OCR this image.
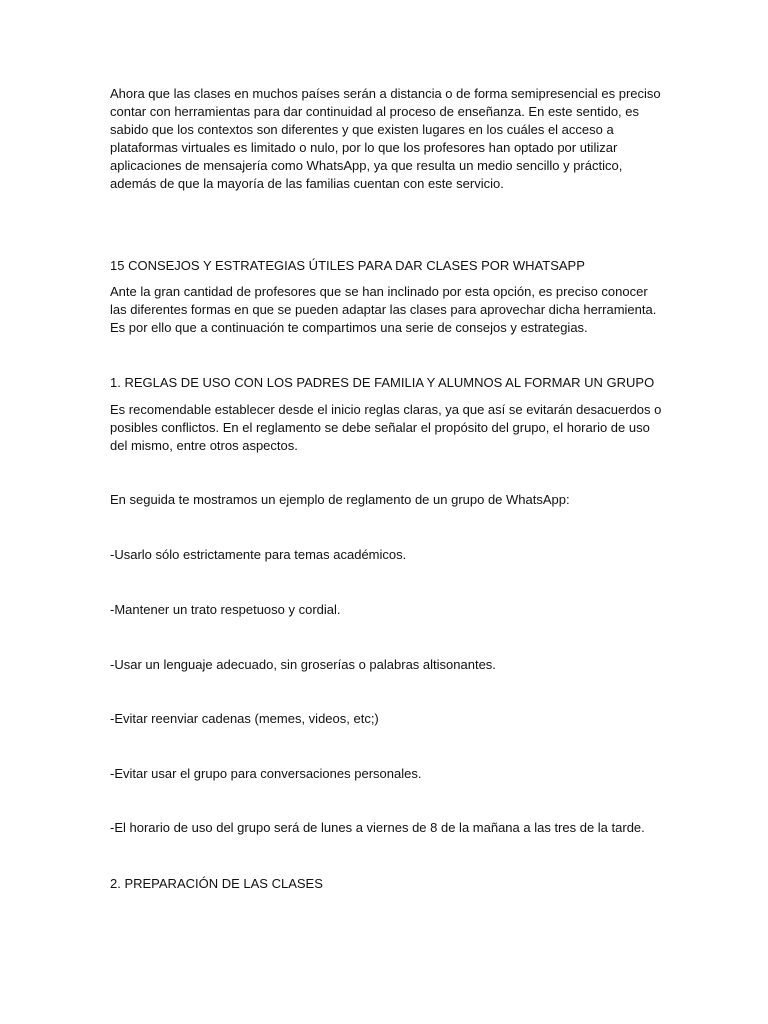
Ahora que las clases en muchos países serán a distancia o de forma semipresencial es preciso
contar con herramientas para dar continuidad al proceso de enseñanza. En este sentido, es
sabido que los contextos son diferentes y que existen lugares en los cuáles el acceso a
plataformas virtuales es limitado o nulo, por lo que los profesores han optado por utilizar
aplicaciones de mensajería como WhatsApp, ya que resulta un medio sencillo y práctico,
además de que la mayoría de las familias cuentan con este servicio.

15 CONSEJOS Y ESTRATEGIAS ÚTILES PARA DAR CLASES POR WHATSAPP

Ante la gran cantidad de profesores que se han inclinado por esta opción, es preciso conocer
las diferentes formas en que se pueden adaptar las clases para aprovechar dicha herramienta.
Es por ello que a continuación te compartimos una serie de consejos y estrategias.

1. REGLAS DE USO CON LOS PADRES DE FAMILIA Y ALUMNOS AL FORMAR UN GRUPO

Es recomendable establecer desde el inicio reglas claras, ya que así se evitarán desacuerdos o
posibles conflictos. En el reglamento se debe señalar el propósito del grupo, el horario de uso
del mismo, entre otros aspectos.

En seguida te mostramos un ejemplo de reglamento de un grupo de WhatsApp:

-Usarlo sólo estrictamente para temas académicos.

-Mantener un trato respetuoso y cordial.

-Usar un lenguaje adecuado, sin groserías o palabras altisonantes.

-Evitar reenviar cadenas (memes, videos, etc;)

-Evitar usar el grupo para conversaciones personales.

-El horario de uso del grupo será de lunes a viernes de 8 de la mañana a las tres de la tarde.

2. PREPARACIÓN DE LAS CLASES
